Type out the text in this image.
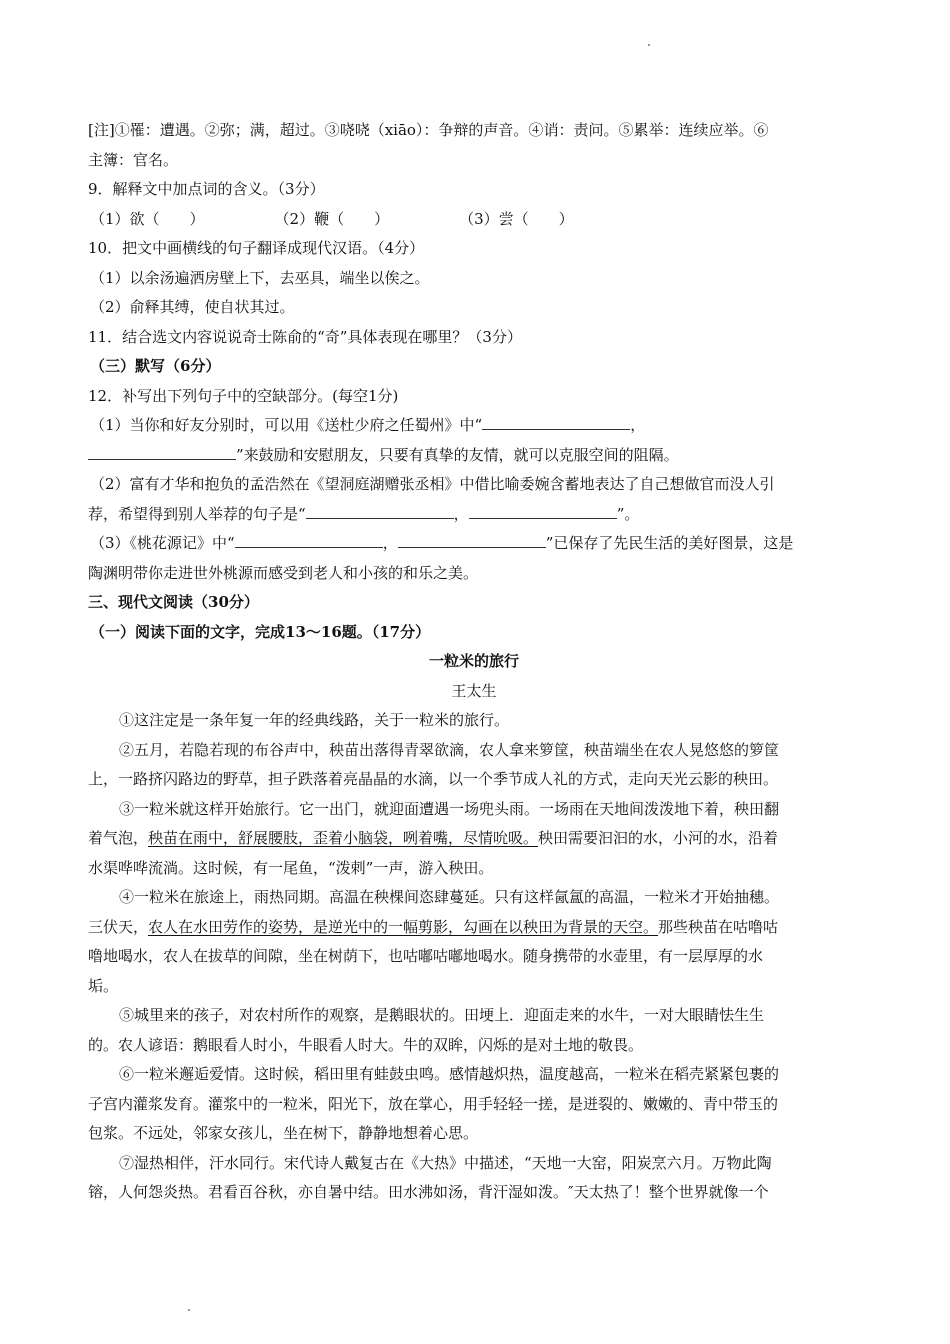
[注]①罹：遭遇。②弥；满，超过。③哓哓（xiāo）：争辩的声音。④诮：责问。⑤累举：连续应举。⑥
主簿：官名。
9．解释文中加点词的含义。（3分）
（1）欲（　　）	（2）鞭（　　）	（3）尝（　　）
10．把文中画横线的句子翻译成现代汉语。（4分）
（1）以余汤遍洒房壁上下，去巫具，端坐以俟之。
（2）俞释其缚，使自状其过。
11．结合选文内容说说奇士陈俞的“奇”具体表现在哪里？（3分）
（三）默写（6分）
12．补写出下列句子中的空缺部分。(每空1分)
（1）当你和好友分别时，可以用《送杜少府之任蜀州》中“	，
”来鼓励和安慰朋友，只要有真挚的友情，就可以克服空间的阻隔。
（2）富有才华和抱负的孟浩然在《望洞庭湖赠张丞相》中借比喻委婉含蓄地表达了自己想做官而没人引
荐，希望得到别人举荐的句子是“	，	”。
（3）《桃花源记》中“	，	”已保存了先民生活的美好图景，这是
陶渊明带你走进世外桃源而感受到老人和小孩的和乐之美。
三、现代文阅读（30分）
（一）阅读下面的文字，完成13～16题。（17分）
一粒米的旅行
王太生
①这注定是一条年复一年的经典线路，关于一粒米的旅行。
②五月，若隐若现的布谷声中，秧苗出落得青翠欲滴，农人拿来箩筐，秧苗端坐在农人晃悠悠的箩筐
上，一路挤闪路边的野草，担子跌落着亮晶晶的水滴，以一个季节成人礼的方式，走向天光云影的秧田。
③一粒米就这样开始旅行。它一出门，就迎面遭遇一场兜头雨。一场雨在天地间泼泼地下着，秧田翻
着气泡，秧苗在雨中，舒展腰肢，歪着小脑袋，咧着嘴，尽情吮吸。秧田需要汩汩的水，小河的水，沿着
水渠哗哗流淌。这时候，有一尾鱼，“泼剌”一声，游入秧田。
④一粒米在旅途上，雨热同期。高温在秧棵间恣肆蔓延。只有这样氤氲的高温，一粒米才开始抽穗。
三伏天，农人在水田劳作的姿势，是逆光中的一幅剪影，勾画在以秧田为背景的天空。那些秧苗在咕噜咕
噜地喝水，农人在拔草的间隙，坐在树荫下，也咕嘟咕嘟地喝水。随身携带的水壶里，有一层厚厚的水
垢。
⑤城里来的孩子，对农村所作的观察，是鹅眼状的。田埂上．迎面走来的水牛，一对大眼睛怯生生
的。农人谚语：鹅眼看人时小，牛眼看人时大。牛的双眸，闪烁的是对土地的敬畏。
⑥一粒米邂逅爱情。这时候，稻田里有蛙鼓虫鸣。感情越炽热，温度越高，一粒米在稻壳紧紧包裹的
子宫内灌浆发育。灌浆中的一粒米，阳光下，放在掌心，用手轻轻一搓，是迸裂的、嫩嫩的、青中带玉的
包浆。不远处，邻家女孩儿，坐在树下，静静地想着心思。
⑦湿热相伴，汗水同行。宋代诗人戴复古在《大热》中描述，“天地一大窑，阳炭烹六月。万物此陶
镕，人何怨炎热。君看百谷秋，亦自暑中结。田水沸如汤，背汗湿如泼。″天太热了！整个世界就像一个
